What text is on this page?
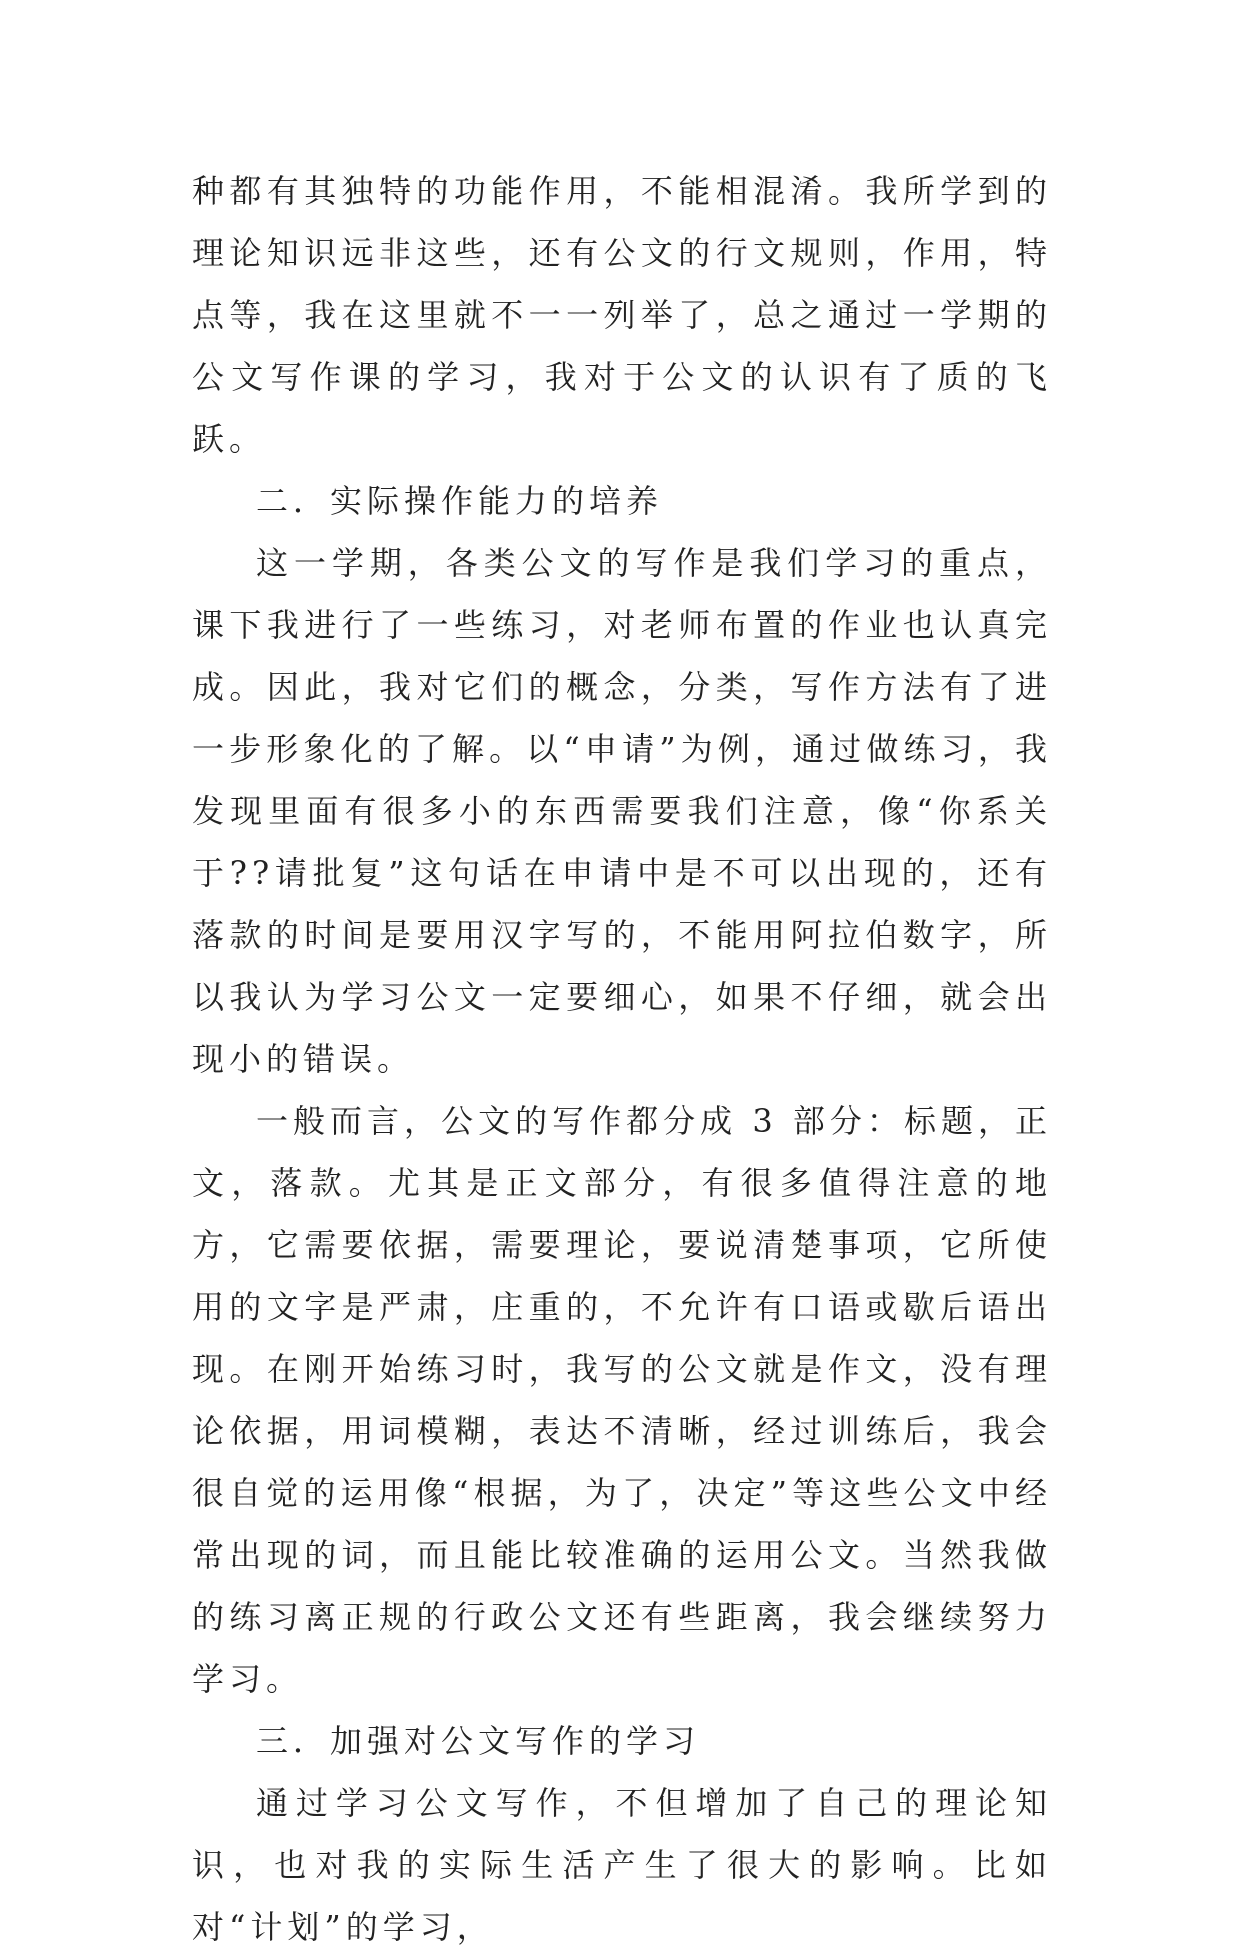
种都有其独特的功能作用，不能相混淆。我所学到的理论知识远非这些，还有公文的行文规则，作用，特点等，我在这里就不一一列举了，总之通过一学期的公文写作课的学习，我对于公文的认识有了质的飞跃。

二．实际操作能力的培养

这一学期，各类公文的写作是我们学习的重点，课下我进行了一些练习，对老师布置的作业也认真完成。因此，我对它们的概念，分类，写作方法有了进一步形象化的了解。以“申请”为例，通过做练习，我发现里面有很多小的东西需要我们注意，像“你系关于??请批复”这句话在申请中是不可以出现的，还有落款的时间是要用汉字写的，不能用阿拉伯数字，所以我认为学习公文一定要细心，如果不仔细，就会出现小的错误。

一般而言，公文的写作都分成 3 部分：标题，正文，落款。尤其是正文部分，有很多值得注意的地方，它需要依据，需要理论，要说清楚事项，它所使用的文字是严肃，庄重的，不允许有口语或歇后语出现。在刚开始练习时，我写的公文就是作文，没有理论依据，用词模糊，表达不清晰，经过训练后，我会很自觉的运用像“根据，为了，决定”等这些公文中经常出现的词，而且能比较准确的运用公文。当然我做的练习离正规的行政公文还有些距离，我会继续努力学习。

三．加强对公文写作的学习

通过学习公文写作，不但增加了自己的理论知识，也对我的实际生活产生了很大的影响。比如对“计划”的学习，
